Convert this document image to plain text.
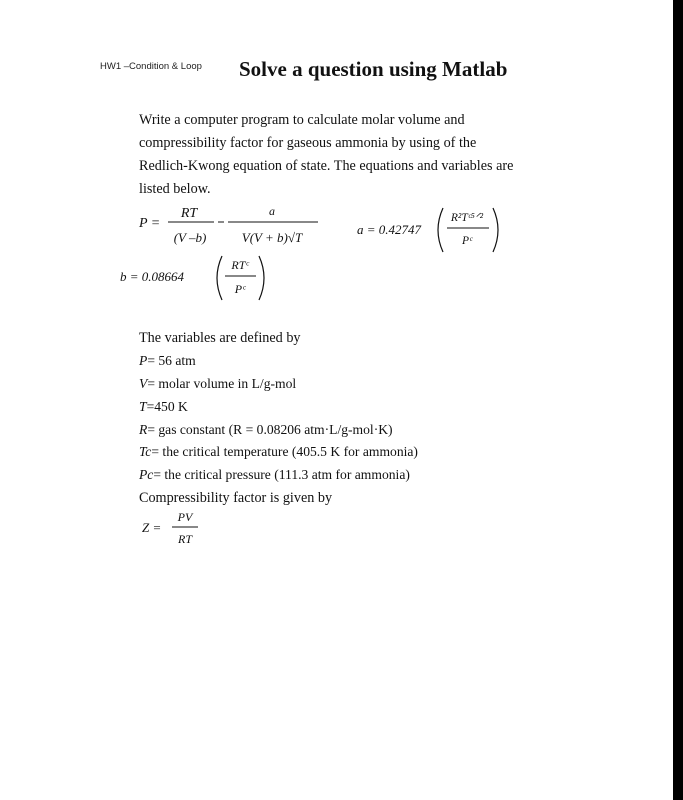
HW1 –Condition & Loop Solve a question using Matlab
Write a computer program to calculate molar volume and
compressibility factor for gaseous ammonia by using of the
Redlich-Kwong equation of state. The equations and variables are
listed below.
P =
RT
(V –b)
a
V(V + b)√T
a = 0.42747
R²Tᶜ⁵ᐟ²
Pᶜ
b = 0.08664
RTᶜ
Pᶜ
The variables are defined by
P= 56 atm
V= molar volume in L/g-mol
T=450 K
R= gas constant (R = 0.08206 atm·L/g-mol·K)
Tc= the critical temperature (405.5 K for ammonia)
Pc= the critical pressure (111.3 atm for ammonia)
Compressibility factor is given by
Z =
PV
RT
